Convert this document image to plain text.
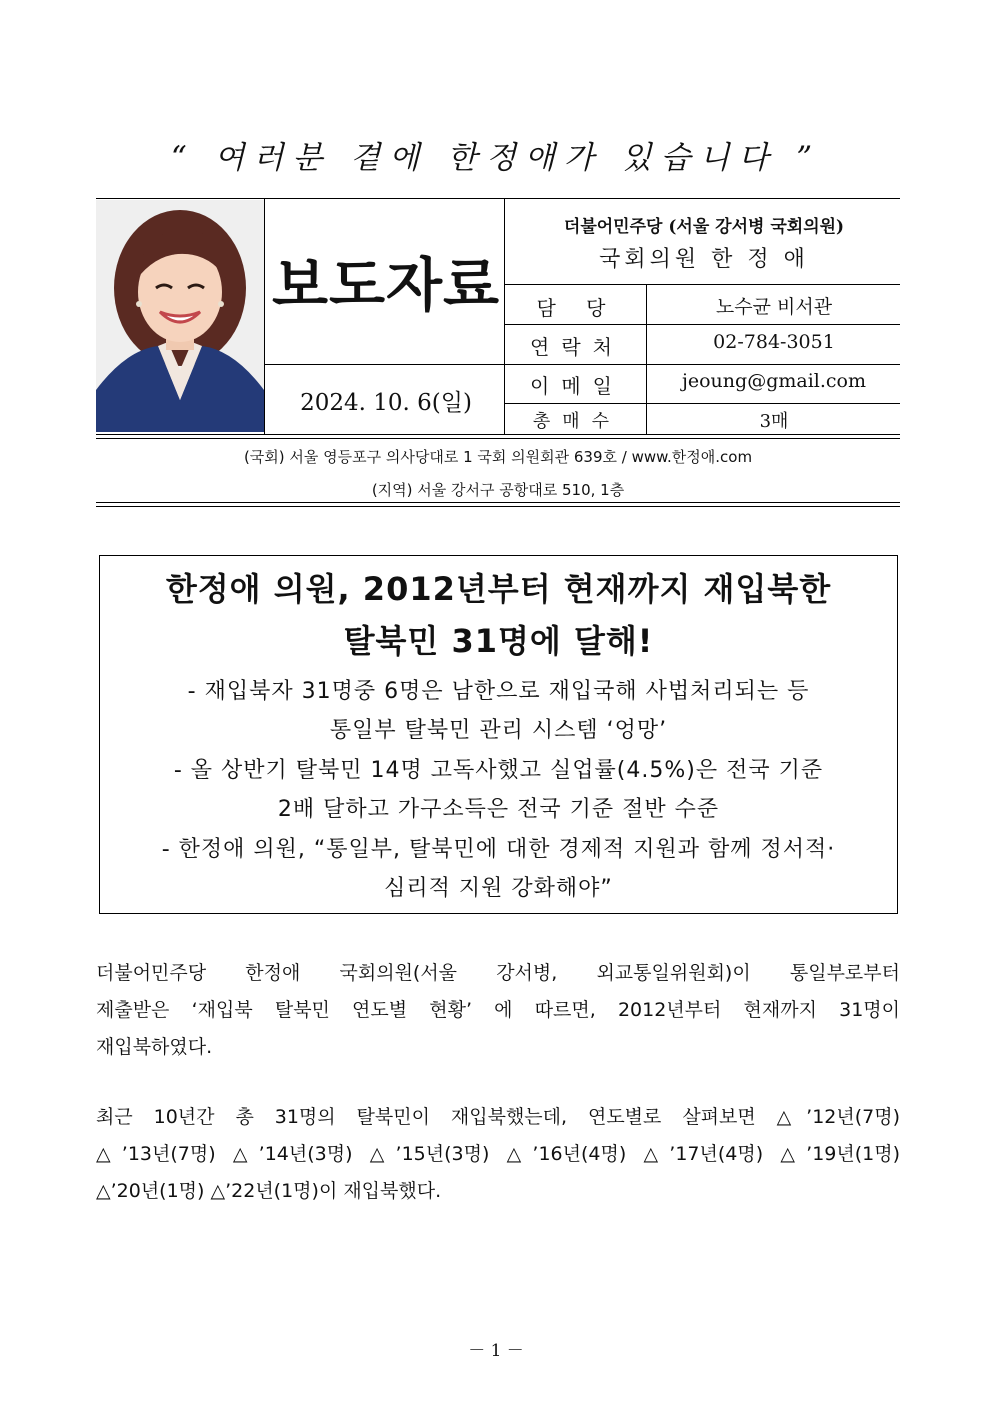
“ 여러분 곁에 한정애가 있습니다 ”
보도자료
2024. 10. 6(일)
더불어민주당 (서울 강서병 국회의원)
국회의원 한 정 애
담 당	노수균 비서관
연락처	02-784-3051
이메일	jeoung@gmail.com
총매수	3매
(국회) 서울 영등포구 의사당대로 1 국회 의원회관 639호 / www.한정애.com
(지역) 서울 강서구 공항대로 510, 1층
한정애 의원, 2012년부터 현재까지 재입북한
탈북민 31명에 달해!
- 재입북자 31명중 6명은 남한으로 재입국해 사법처리되는 등
통일부 탈북민 관리 시스템 ‘엉망’
- 올 상반기 탈북민 14명 고독사했고 실업률(4.5%)은 전국 기준
2배 달하고 가구소득은 전국 기준 절반 수준
- 한정애 의원, “통일부, 탈북민에 대한 경제적 지원과 함께 정서적·
심리적 지원 강화해야”
더불어민주당 한정애 국회의원(서울 강서병, 외교통일위원회)이 통일부로부터
제출받은 ‘재입북 탈북민 연도별 현황’ 에 따르면, 2012년부터 현재까지 31명이
재입북하였다.
최근 10년간 총 31명의 탈북민이 재입북했는데, 연도별로 살펴보면 △’12년(7명)
△’13년(7명) △’14년(3명) △’15년(3명) △’16년(4명) △’17년(4명) △’19년(1명)
△’20년(1명) △’22년(1명)이 재입북했다.
－ 1 －
